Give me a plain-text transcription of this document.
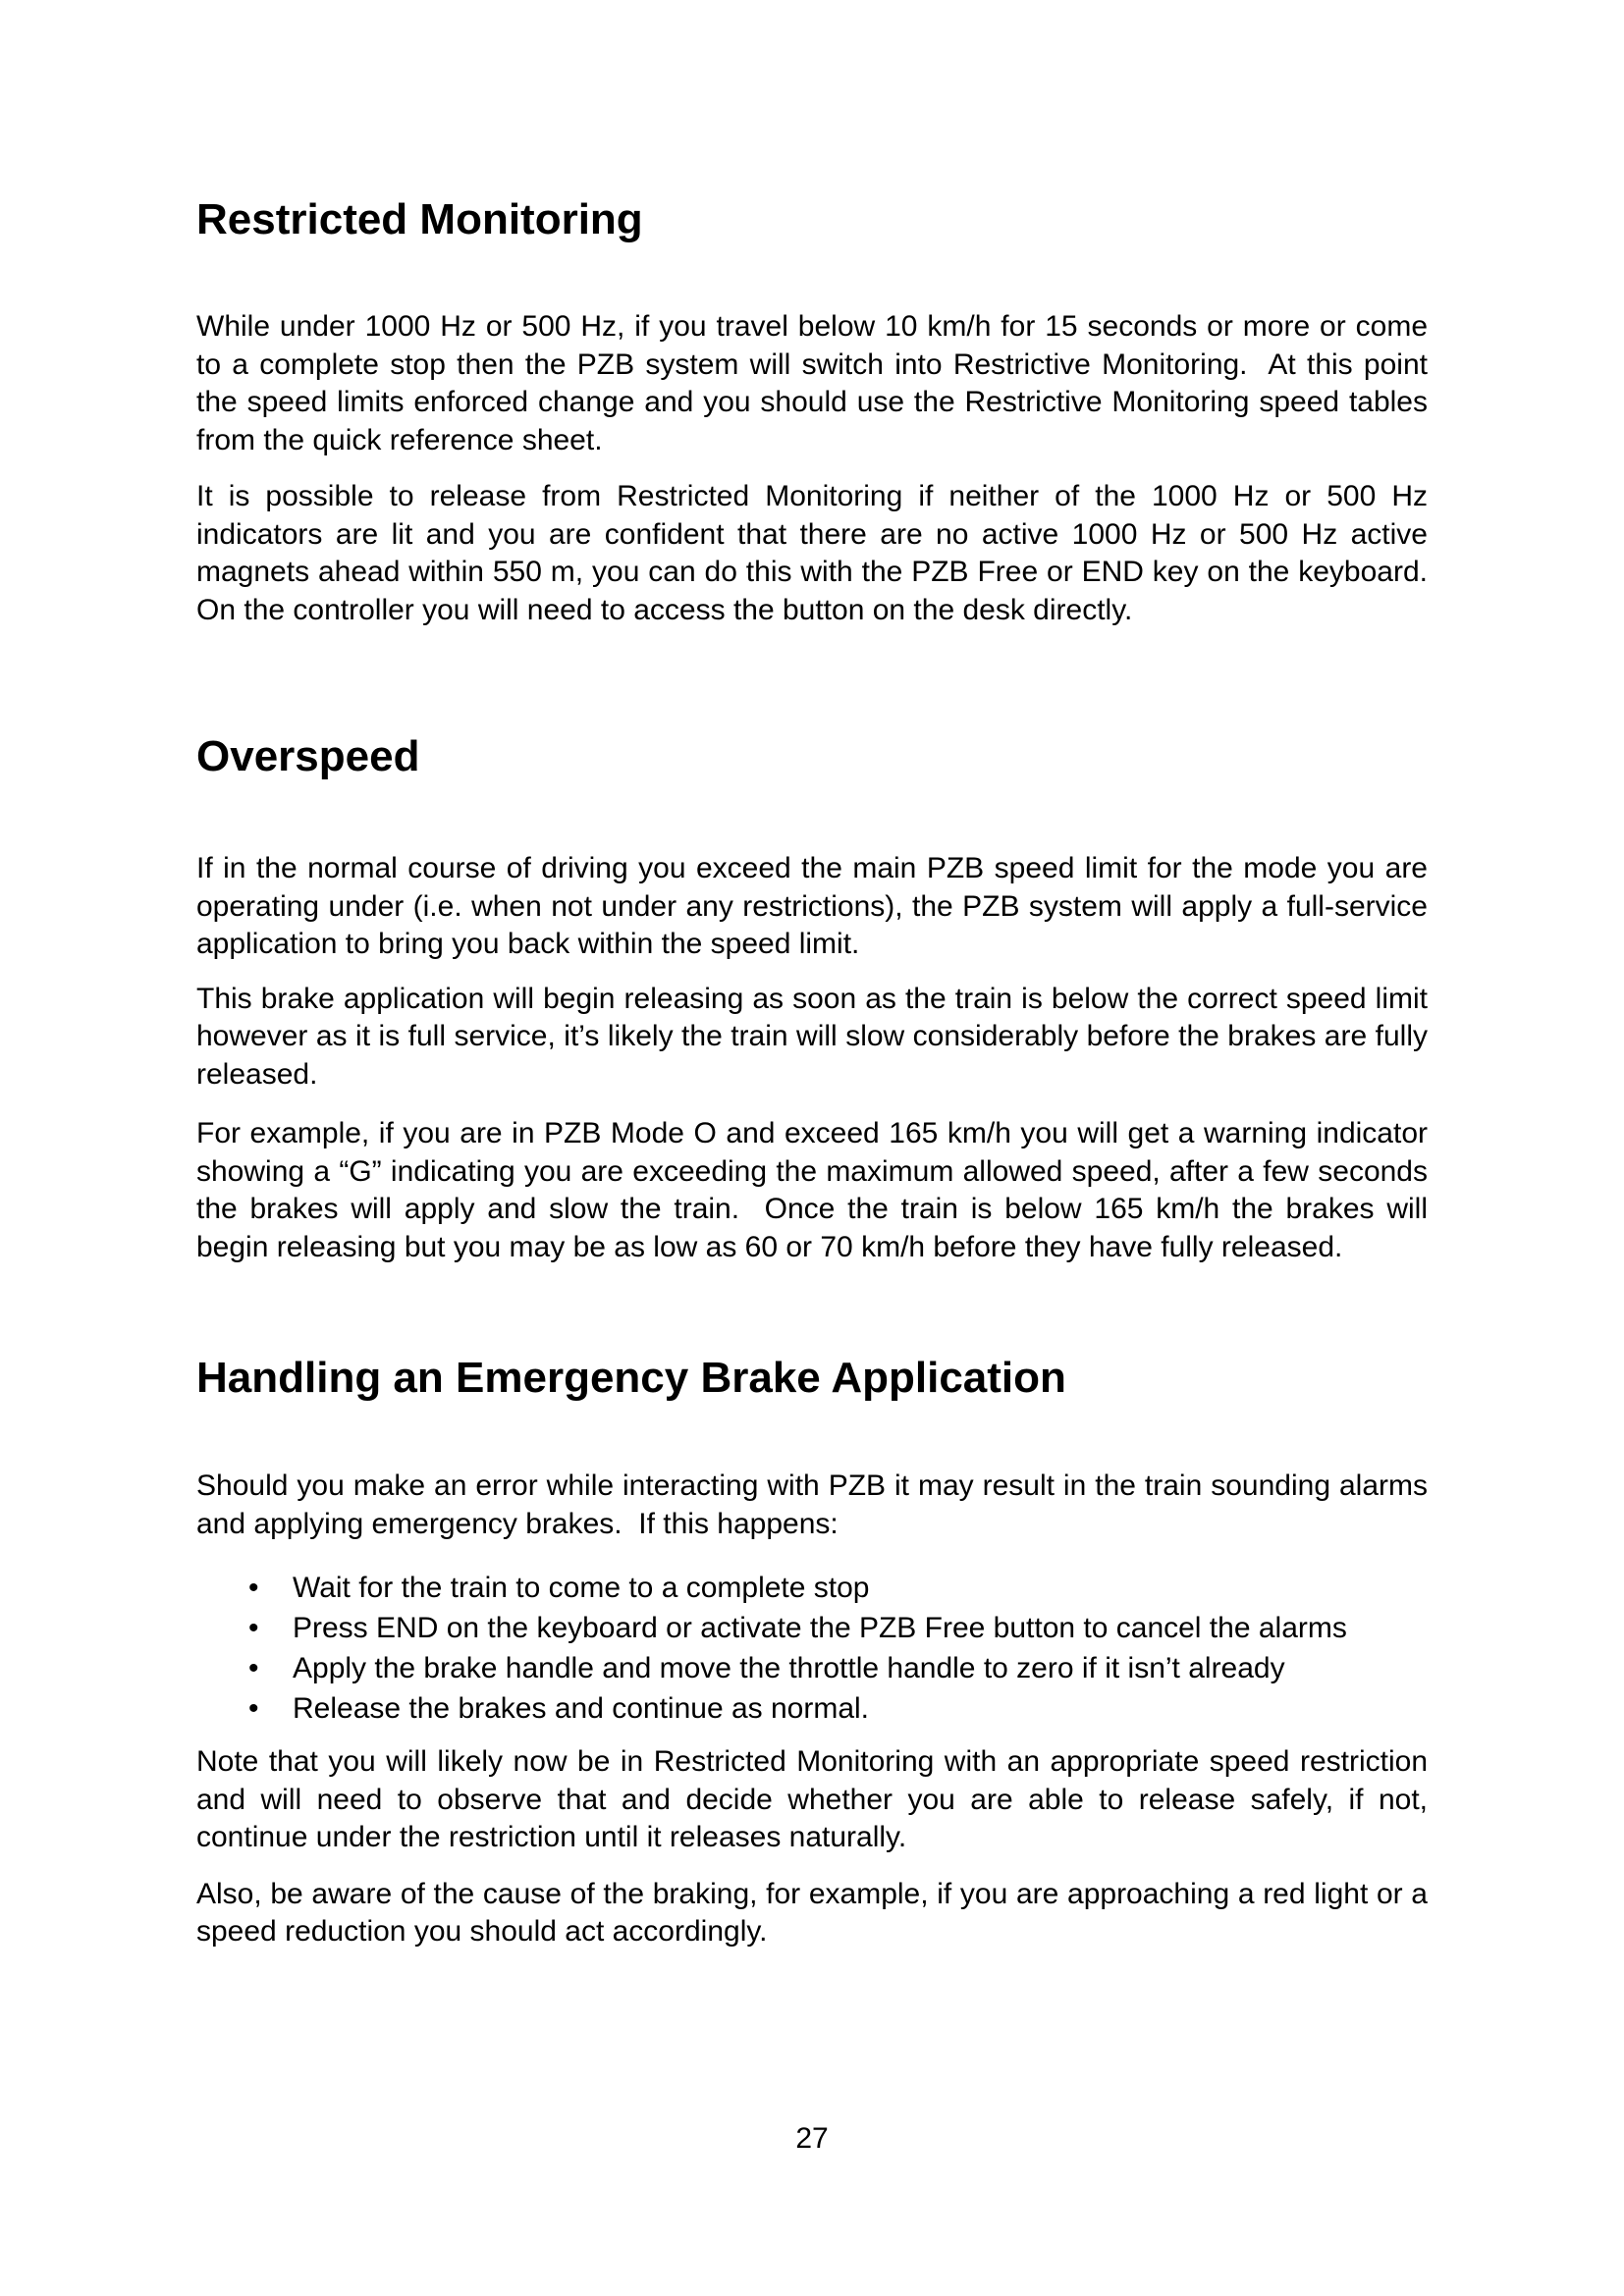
Restricted Monitoring

While under 1000 Hz or 500 Hz, if you travel below 10 km/h for 15 seconds or more or come to a complete stop then the PZB system will switch into Restrictive Monitoring.  At this point the speed limits enforced change and you should use the Restrictive Monitoring speed tables from the quick reference sheet.

It is possible to release from Restricted Monitoring if neither of the 1000 Hz or 500 Hz indicators are lit and you are confident that there are no active 1000 Hz or 500 Hz active magnets ahead within 550 m, you can do this with the PZB Free or END key on the keyboard. On the controller you will need to access the button on the desk directly.

Overspeed

If in the normal course of driving you exceed the main PZB speed limit for the mode you are operating under (i.e. when not under any restrictions), the PZB system will apply a full-service application to bring you back within the speed limit.

This brake application will begin releasing as soon as the train is below the correct speed limit however as it is full service, it’s likely the train will slow considerably before the brakes are fully released.

For example, if you are in PZB Mode O and exceed 165 km/h you will get a warning indicator showing a “G” indicating you are exceeding the maximum allowed speed, after a few seconds the brakes will apply and slow the train.  Once the train is below 165 km/h the brakes will begin releasing but you may be as low as 60 or 70 km/h before they have fully released.

Handling an Emergency Brake Application

Should you make an error while interacting with PZB it may result in the train sounding alarms and applying emergency brakes.  If this happens:

• Wait for the train to come to a complete stop
• Press END on the keyboard or activate the PZB Free button to cancel the alarms
• Apply the brake handle and move the throttle handle to zero if it isn’t already
• Release the brakes and continue as normal.

Note that you will likely now be in Restricted Monitoring with an appropriate speed restriction and will need to observe that and decide whether you are able to release safely, if not, continue under the restriction until it releases naturally.

Also, be aware of the cause of the braking, for example, if you are approaching a red light or a speed reduction you should act accordingly.

27
